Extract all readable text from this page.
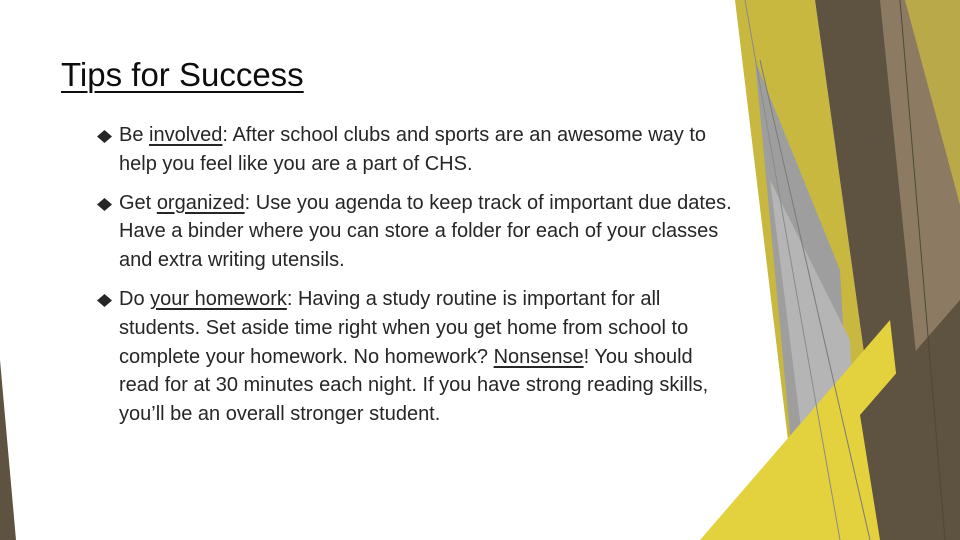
Tips for Success
Be involved: After school clubs and sports are an awesome way to help you feel like you are a part of CHS.
Get organized: Use you agenda to keep track of important due dates. Have a binder where you can store a folder for each of your classes and extra writing utensils.
Do your homework: Having a study routine is important for all students. Set aside time right when you get home from school to complete your homework. No homework? Nonsense! You should read for at 30 minutes each night. If you have strong reading skills, you’ll be an overall stronger student.
